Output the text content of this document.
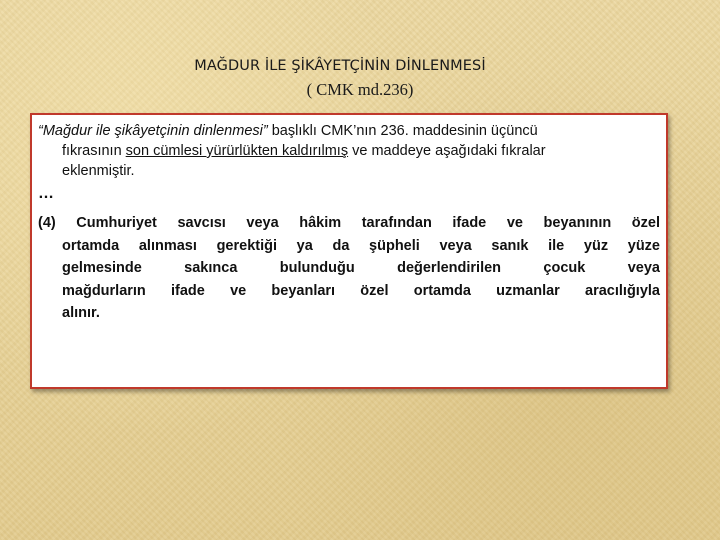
MAĞDUR İLE ŞİKÂYETÇİNİN DİNLENMESİ
( CMK md.236)
“Mağdur ile şikâyetçinin dinlenmesi” başlıklı CMK’nın 236. maddesinin üçüncü
fıkrasının son cümlesi yürürlükten kaldırılmış ve maddeye aşağıdaki fıkralar
eklenmiştir.
…
(4) Cumhuriyet savcısı veya hâkim tarafından ifade ve beyanının özel
ortamda alınması gerektiği ya da şüpheli veya sanık ile yüz yüze
gelmesinde sakınca bulunduğu değerlendirilen çocuk veya
mağdurların ifade ve beyanları özel ortamda uzmanlar aracılığıyla
alınır.
